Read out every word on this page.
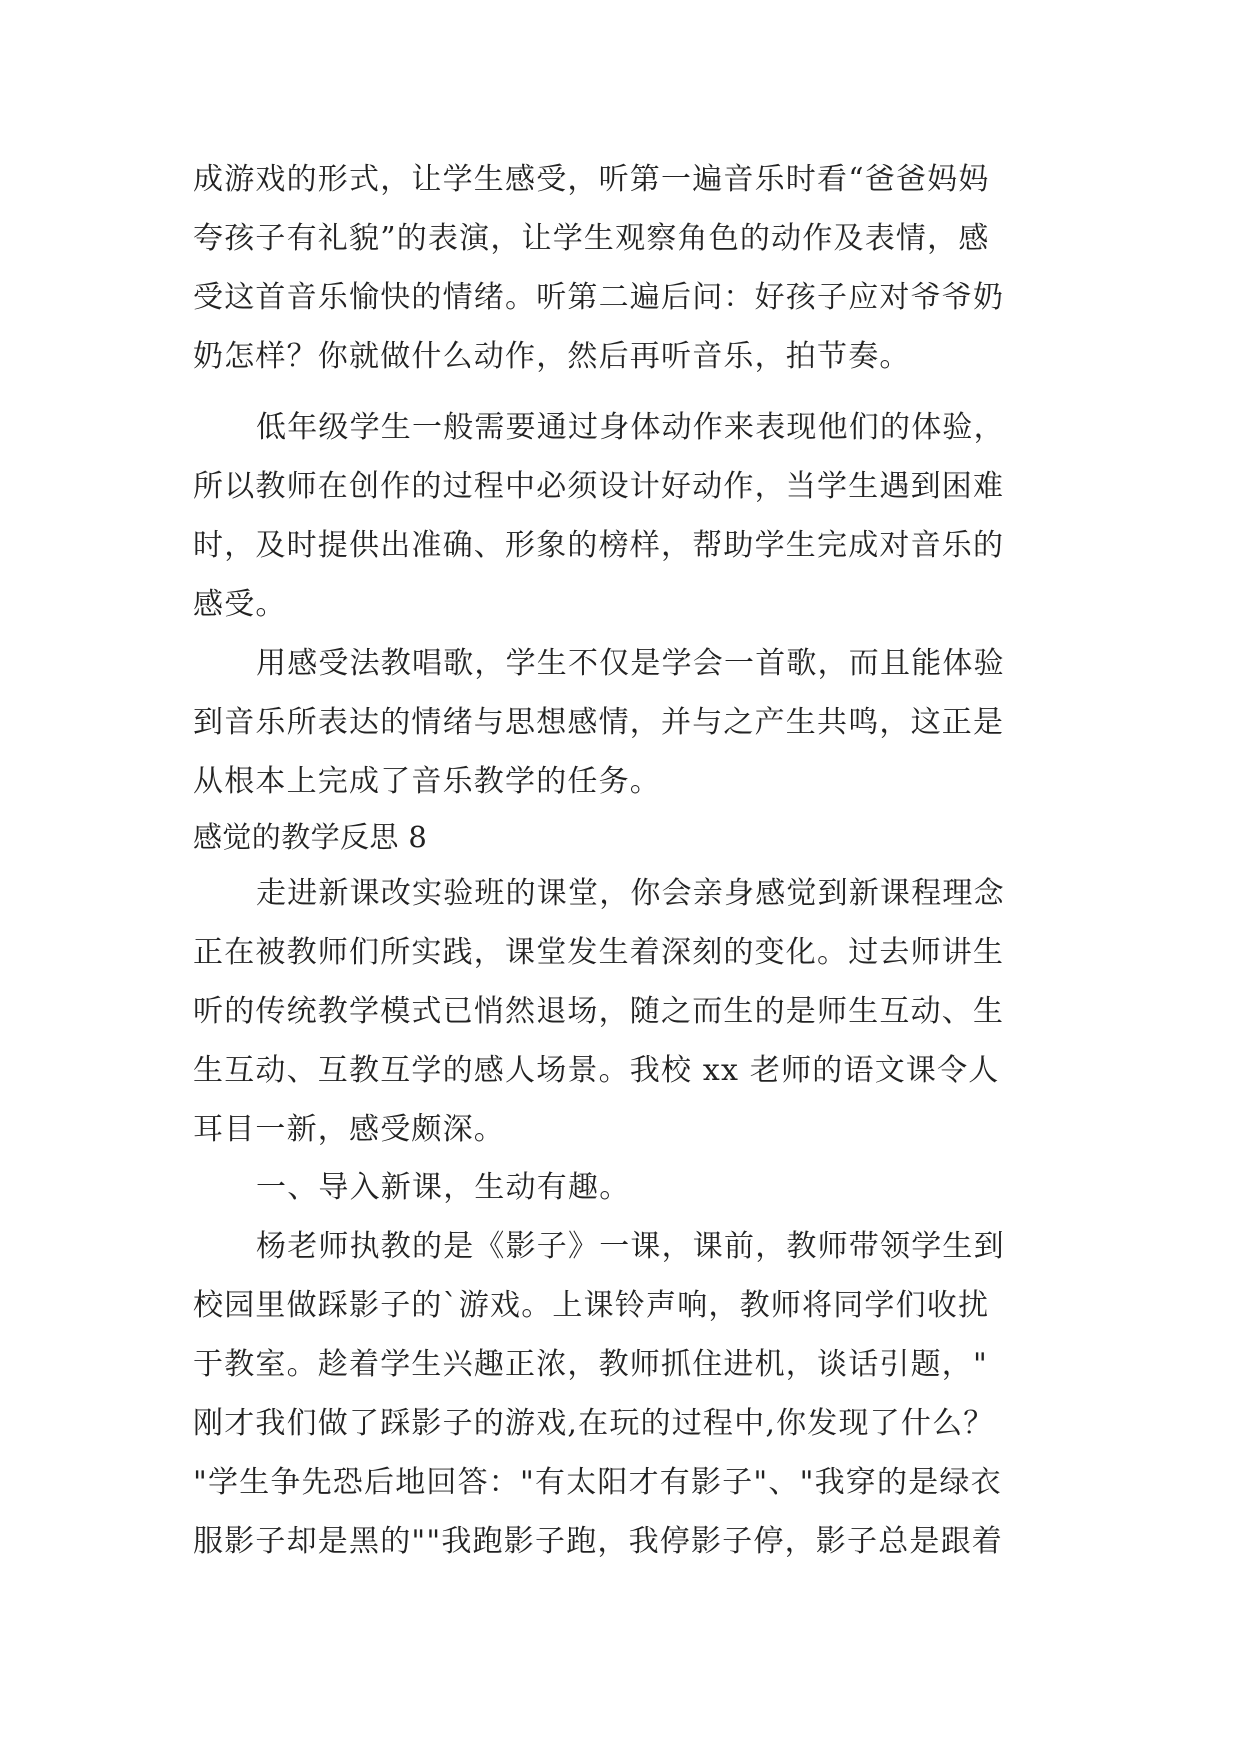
成游戏的形式，让学生感受，听第一遍音乐时看“爸爸妈妈
夸孩子有礼貌”的表演，让学生观察角色的动作及表情，感
受这首音乐愉快的情绪。听第二遍后问：好孩子应对爷爷奶
奶怎样？你就做什么动作，然后再听音乐，拍节奏。
低年级学生一般需要通过身体动作来表现他们的体验，
所以教师在创作的过程中必须设计好动作，当学生遇到困难
时，及时提供出准确、形象的榜样，帮助学生完成对音乐的
感受。
用感受法教唱歌，学生不仅是学会一首歌，而且能体验
到音乐所表达的情绪与思想感情，并与之产生共鸣，这正是
从根本上完成了音乐教学的任务。
感觉的教学反思 8
走进新课改实验班的课堂，你会亲身感觉到新课程理念
正在被教师们所实践，课堂发生着深刻的变化。过去师讲生
听的传统教学模式已悄然退场，随之而生的是师生互动、生
生互动、互教互学的感人场景。我校 xx 老师的语文课令人
耳目一新，感受颇深。
一、导入新课，生动有趣。
杨老师执教的是《影子》一课，课前，教师带领学生到
校园里做踩影子的`游戏。上课铃声响，教师将同学们收扰
于教室。趁着学生兴趣正浓，教师抓住进机，谈话引题，"
刚才我们做了踩影子的游戏,在玩的过程中,你发现了什么？
"学生争先恐后地回答："有太阳才有影子"、"我穿的是绿衣
服影子却是黑的""我跑影子跑，我停影子停，影子总是跟着
